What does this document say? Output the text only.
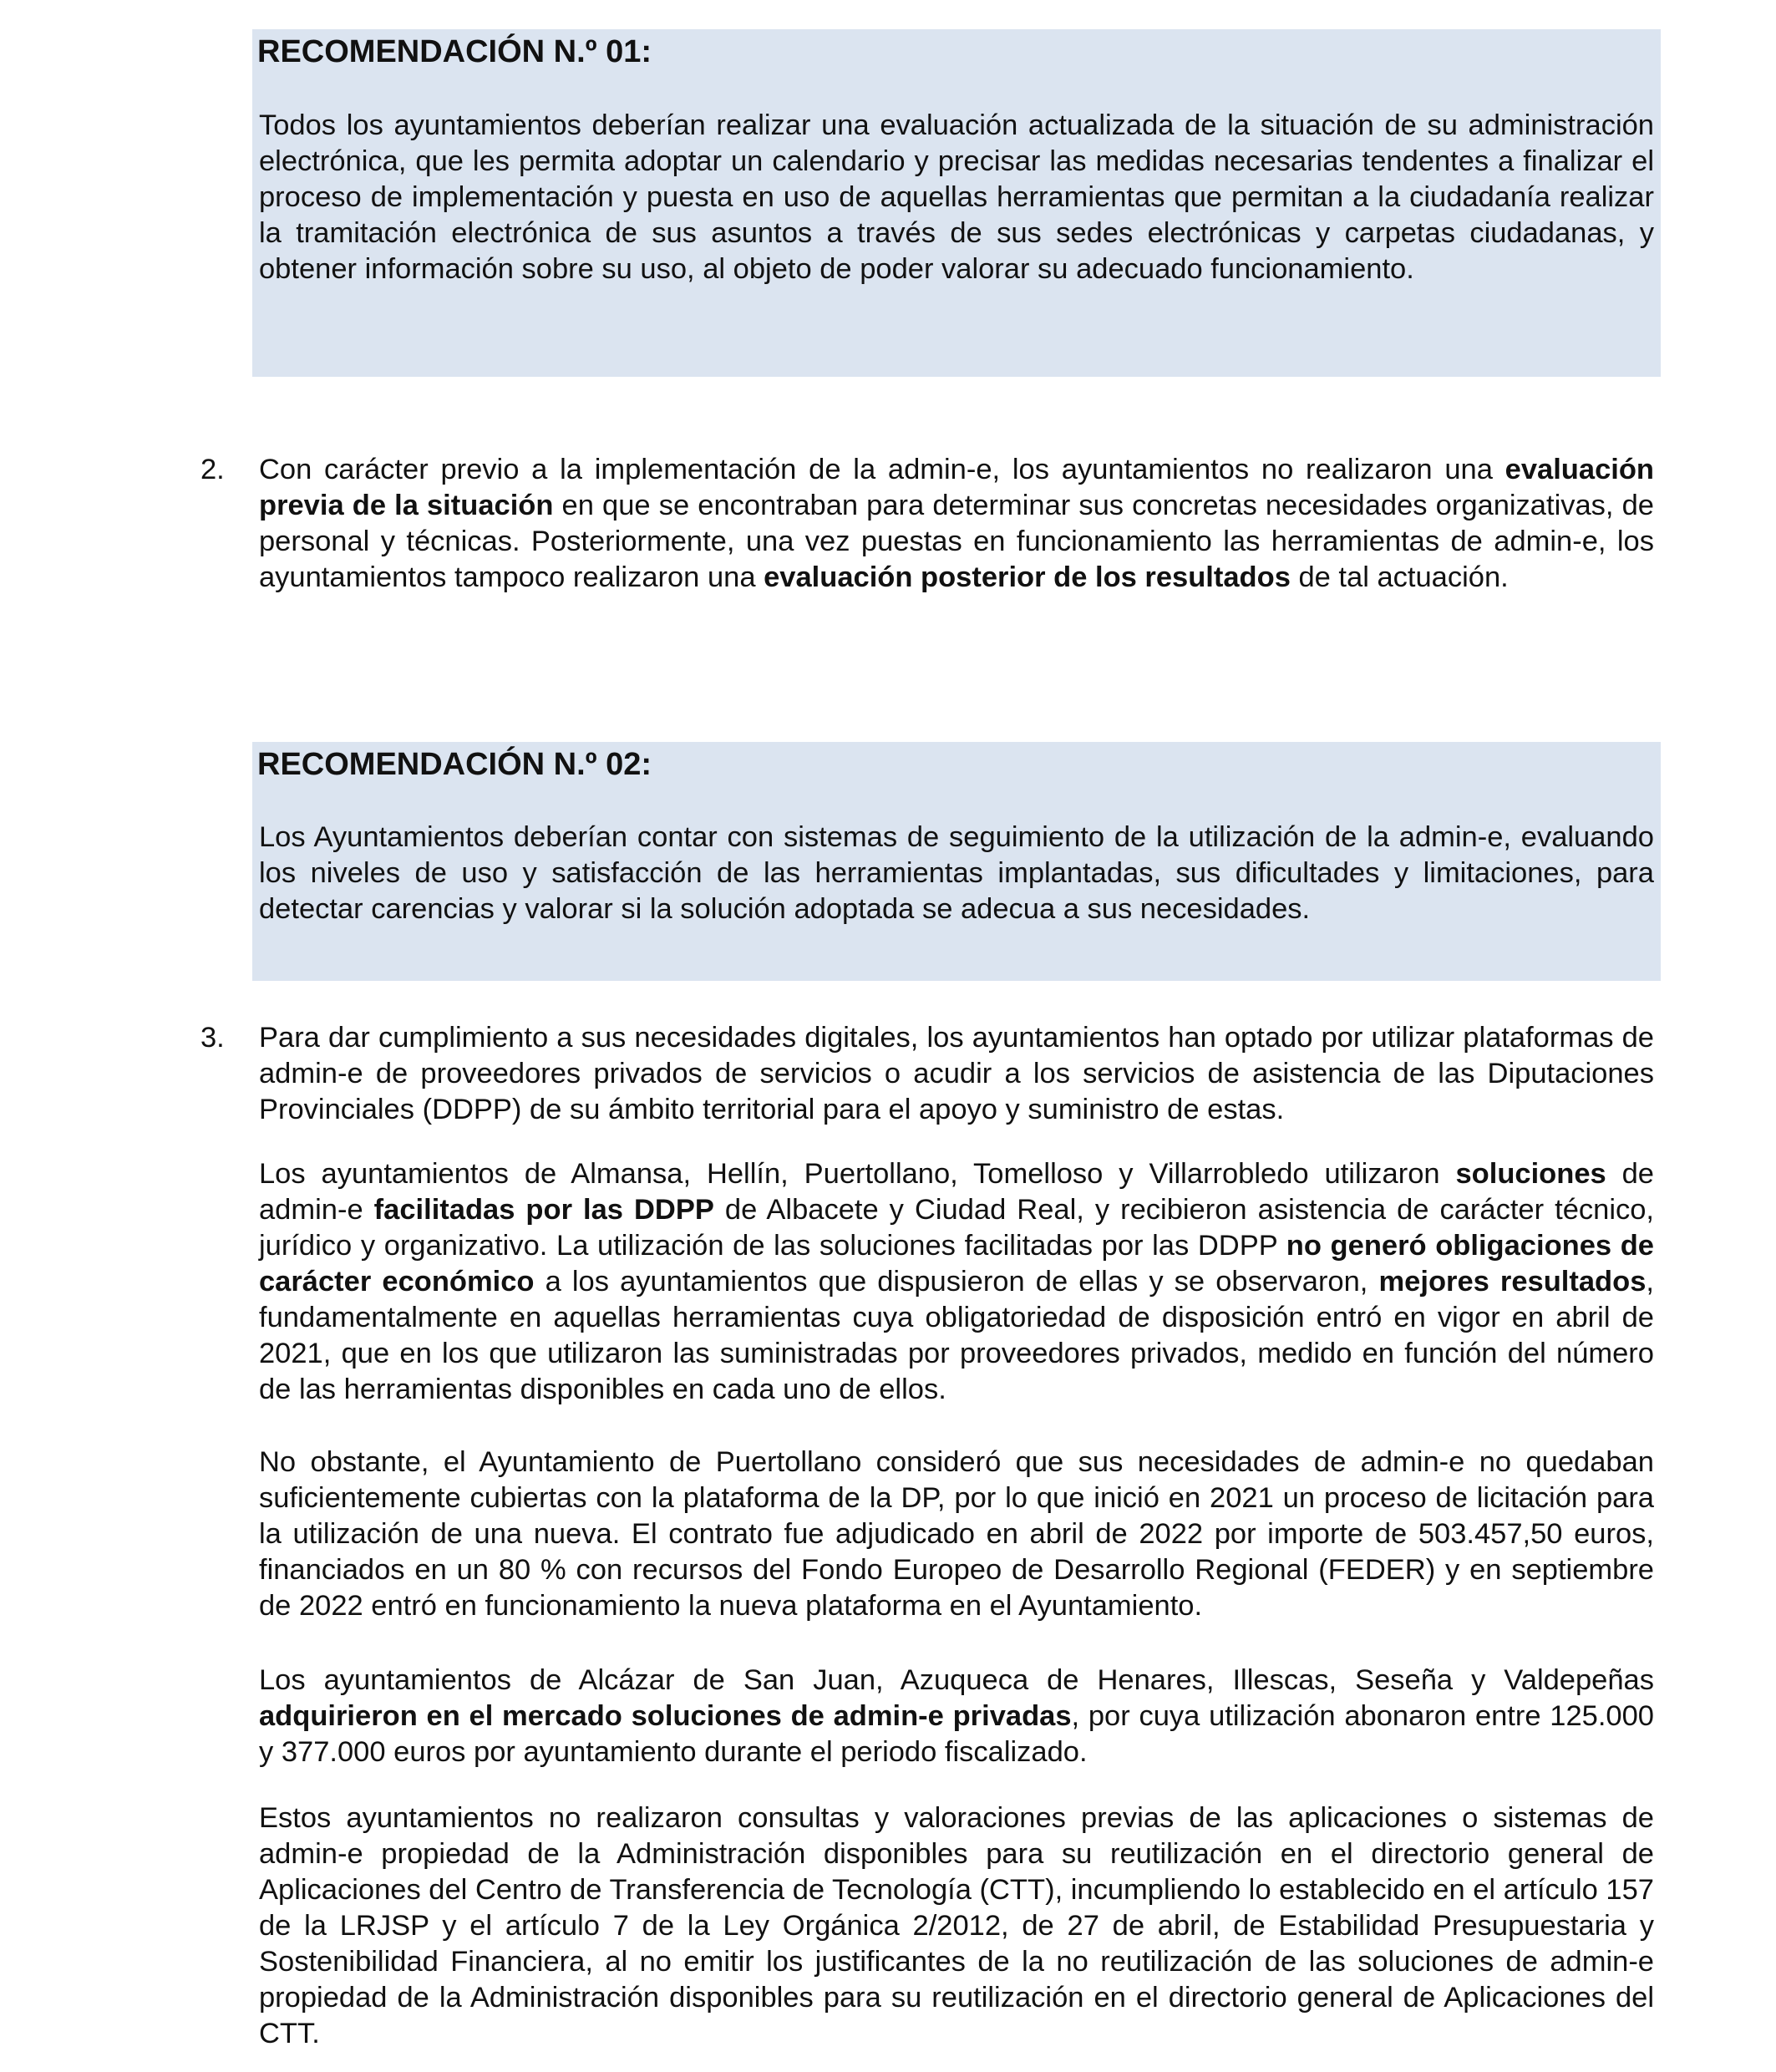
RECOMENDACIÓN N.º 01:

Todos los ayuntamientos deberían realizar una evaluación actualizada de la situación de su administración electrónica, que les permita adoptar un calendario y precisar las medidas necesarias tendentes a finalizar el proceso de implementación y puesta en uso de aquellas herramientas que permitan a la ciudadanía realizar la tramitación electrónica de sus asuntos a través de sus sedes electrónicas y carpetas ciudadanas, y obtener información sobre su uso, al objeto de poder valorar su adecuado funcionamiento.

2. Con carácter previo a la implementación de la admin-e, los ayuntamientos no realizaron una evaluación previa de la situación en que se encontraban para determinar sus concretas necesidades organizativas, de personal y técnicas. Posteriormente, una vez puestas en funcionamiento las herramientas de admin-e, los ayuntamientos tampoco realizaron una evaluación posterior de los resultados de tal actuación.

RECOMENDACIÓN N.º 02:

Los Ayuntamientos deberían contar con sistemas de seguimiento de la utilización de la admin-e, evaluando los niveles de uso y satisfacción de las herramientas implantadas, sus dificultades y limitaciones, para detectar carencias y valorar si la solución adoptada se adecua a sus necesidades.

3. Para dar cumplimiento a sus necesidades digitales, los ayuntamientos han optado por utilizar plataformas de admin-e de proveedores privados de servicios o acudir a los servicios de asistencia de las Diputaciones Provinciales (DDPP) de su ámbito territorial para el apoyo y suministro de estas.

Los ayuntamientos de Almansa, Hellín, Puertollano, Tomelloso y Villarrobledo utilizaron soluciones de admin-e facilitadas por las DDPP de Albacete y Ciudad Real, y recibieron asistencia de carácter técnico, jurídico y organizativo. La utilización de las soluciones facilitadas por las DDPP no generó obligaciones de carácter económico a los ayuntamientos que dispusieron de ellas y se observaron, mejores resultados, fundamentalmente en aquellas herramientas cuya obligatoriedad de disposición entró en vigor en abril de 2021, que en los que utilizaron las suministradas por proveedores privados, medido en función del número de las herramientas disponibles en cada uno de ellos.

No obstante, el Ayuntamiento de Puertollano consideró que sus necesidades de admin-e no quedaban suficientemente cubiertas con la plataforma de la DP, por lo que inició en 2021 un proceso de licitación para la utilización de una nueva. El contrato fue adjudicado en abril de 2022 por importe de 503.457,50 euros, financiados en un 80 % con recursos del Fondo Europeo de Desarrollo Regional (FEDER) y en septiembre de 2022 entró en funcionamiento la nueva plataforma en el Ayuntamiento.

Los ayuntamientos de Alcázar de San Juan, Azuqueca de Henares, Illescas, Seseña y Valdepeñas adquirieron en el mercado soluciones de admin-e privadas, por cuya utilización abonaron entre 125.000 y 377.000 euros por ayuntamiento durante el periodo fiscalizado.

Estos ayuntamientos no realizaron consultas y valoraciones previas de las aplicaciones o sistemas de admin-e propiedad de la Administración disponibles para su reutilización en el directorio general de Aplicaciones del Centro de Transferencia de Tecnología (CTT), incumpliendo lo establecido en el artículo 157 de la LRJSP y el artículo 7 de la Ley Orgánica 2/2012, de 27 de abril, de Estabilidad Presupuestaria y Sostenibilidad Financiera, al no emitir los justificantes de la no reutilización de las soluciones de admin-e propiedad de la Administración disponibles para su reutilización en el directorio general de Aplicaciones del CTT.
